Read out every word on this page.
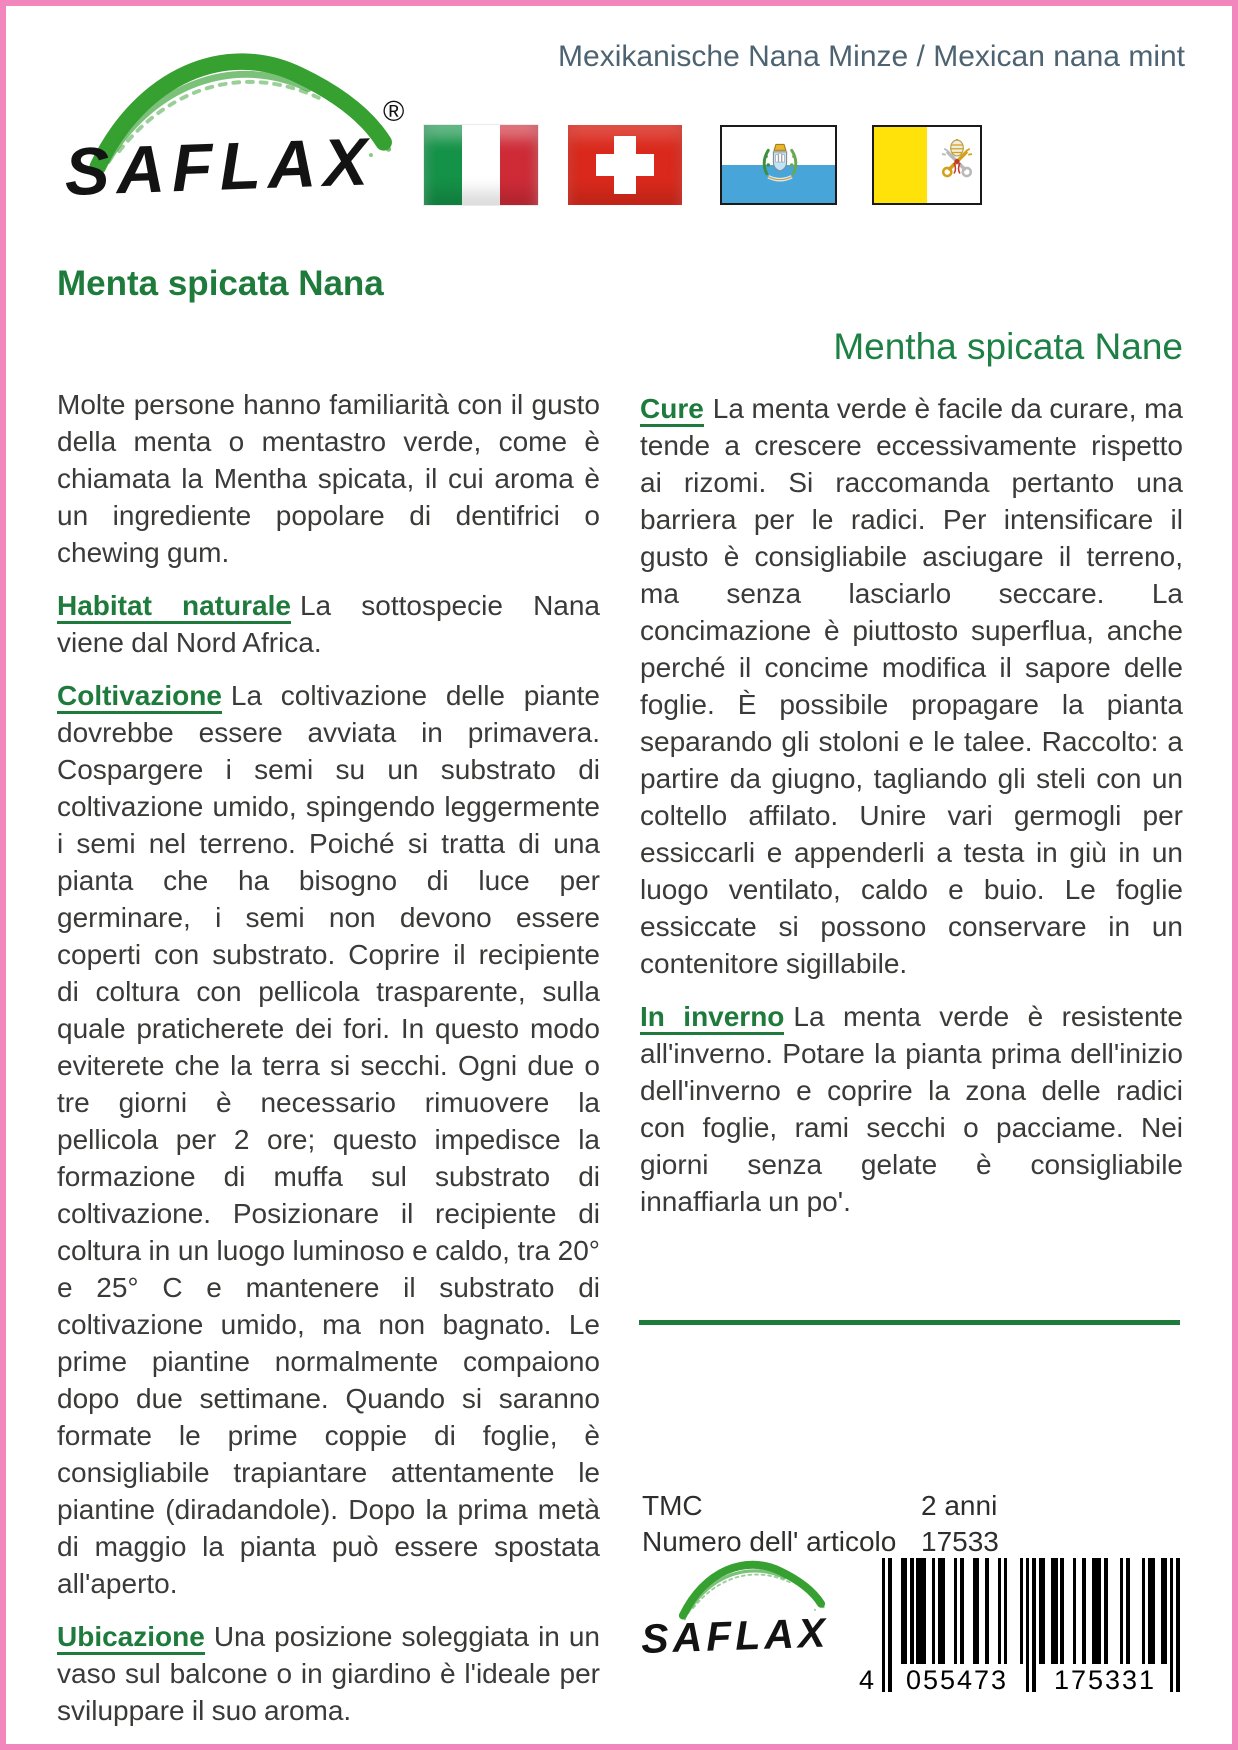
Mexikanische Nana Minze / Mexican nana mint
®
SAFLAX
Menta spicata Nana

Molte persone hanno familiarità con il gusto della menta o mentastro verde, come è chiamata la Mentha spicata, il cui aroma è un ingrediente popolare di dentifrici o chewing gum.

Habitat naturale La sottospecie Nana viene dal Nord Africa.

Coltivazione La coltivazione delle piante dovrebbe essere avviata in primavera. Cospargere i semi su un substrato di coltivazione umido, spingendo leggermente i semi nel terreno. Poiché si tratta di una pianta che ha bisogno di luce per germinare, i semi non devono essere coperti con substrato. Coprire il recipiente di coltura con pellicola trasparente, sulla quale praticherete dei fori. In questo modo eviterete che la terra si secchi. Ogni due o tre giorni è necessario rimuovere la pellicola per 2 ore; questo impedisce la formazione di muffa sul substrato di coltivazione. Posizionare il recipiente di coltura in un luogo luminoso e caldo, tra 20° e 25° C e mantenere il substrato di coltivazione umido, ma non bagnato. Le prime piantine normalmente compaiono dopo due settimane. Quando si saranno formate le prime coppie di foglie, è consigliabile trapiantare attentamente le piantine (diradandole). Dopo la prima metà di maggio la pianta può essere spostata all'aperto.

Ubicazione Una posizione soleggiata in un vaso sul balcone o in giardino è l'ideale per sviluppare il suo aroma.

Mentha spicata Nane

Cure La menta verde è facile da curare, ma tende a crescere eccessivamente rispetto ai rizomi. Si raccomanda pertanto una barriera per le radici. Per intensificare il gusto è consigliabile asciugare il terreno, ma senza lasciarlo seccare. La concimazione è piuttosto superflua, anche perché il concime modifica il sapore delle foglie. È possibile propagare la pianta separando gli stoloni e le talee. Raccolto: a partire da giugno, tagliando gli steli con un coltello affilato. Unire vari germogli per essiccarli e appenderli a testa in giù in un luogo ventilato, caldo e buio. Le foglie essiccate si possono conservare in un contenitore sigillabile.

In inverno La menta verde è resistente all'inverno. Potare la pianta prima dell'inizio dell'inverno e coprire la zona delle radici con foglie, rami secchi o pacciame. Nei giorni senza gelate è consigliabile innaffiarla un po'.

TMC	2 anni
Numero dell' articolo 17533
SAFLAX
4	055473	175331
